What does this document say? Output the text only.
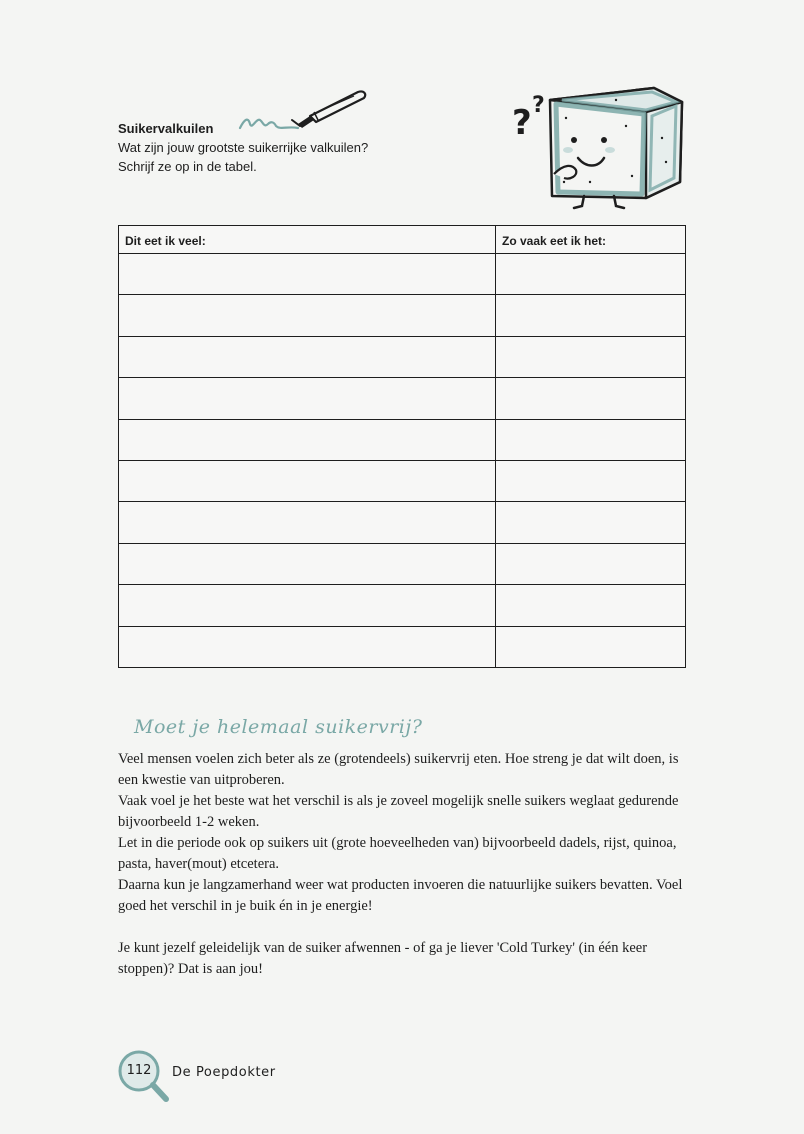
Suikervalkuilen
Wat zijn jouw grootste suikerrijke valkuilen?
Schrijf ze op in de tabel.
? ?
Dit eet ik veel:	Zo vaak eet ik het:

Moet je helemaal suikervrij?

Veel mensen voelen zich beter als ze (grotendeels) suikervrij eten. Hoe streng je dat wilt doen, is een kwestie van uitproberen.

Vaak voel je het beste wat het verschil is als je zoveel mogelijk snelle suikers weglaat gedurende bijvoorbeeld 1-2 weken.

Let in die periode ook op suikers uit (grote hoeveelheden van) bijvoorbeeld dadels, rijst, quinoa, pasta, haver(mout) etcetera.

Daarna kun je langzamerhand weer wat producten invoeren die natuurlijke suikers bevatten. Voel goed het verschil in je buik én in je energie!

Je kunt jezelf geleidelijk van de suiker afwennen - of ga je liever 'Cold Turkey' (in één keer stoppen)? Dat is aan jou!

112	De Poepdokter
